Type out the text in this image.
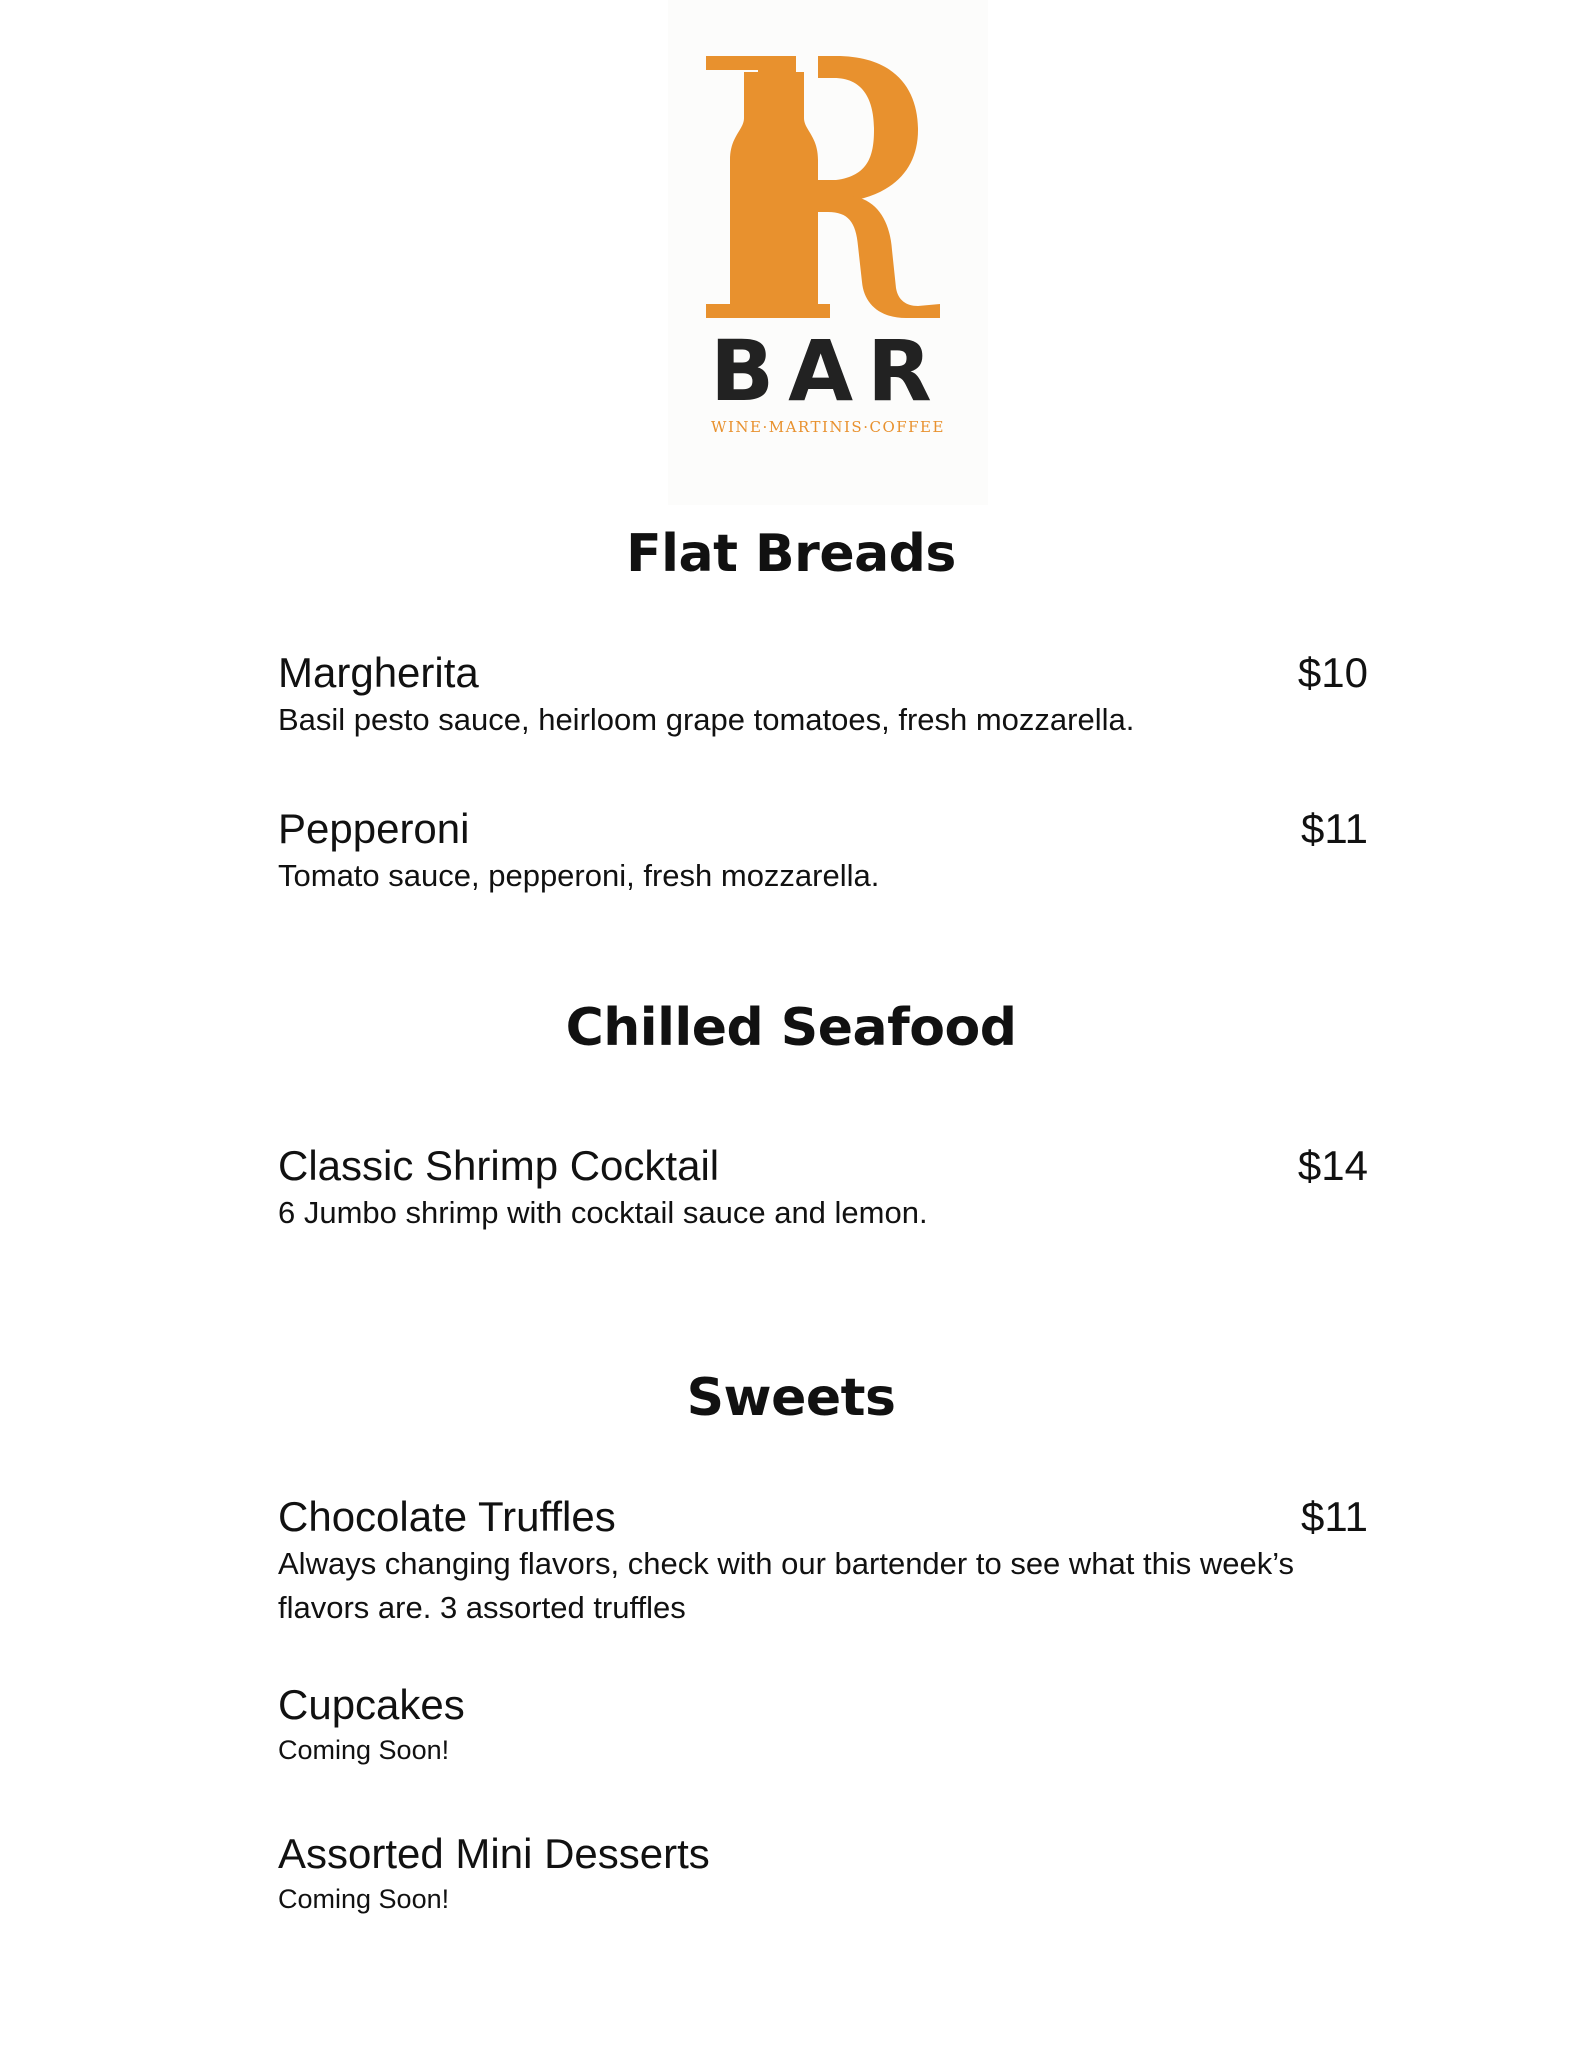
BAR
WINE·MARTINIS·COFFEE
Flat Breads
Margherita	$10
Basil pesto sauce, heirloom grape tomatoes, fresh mozzarella.
Pepperoni	$11
Tomato sauce, pepperoni, fresh mozzarella.
Chilled Seafood
Classic Shrimp Cocktail	$14
6 Jumbo shrimp with cocktail sauce and lemon.
Sweets
Chocolate Truffles	$11
Always changing flavors, check with our bartender to see what this week’s
flavors are. 3 assorted truffles
Cupcakes
Coming Soon!
Assorted Mini Desserts
Coming Soon!
